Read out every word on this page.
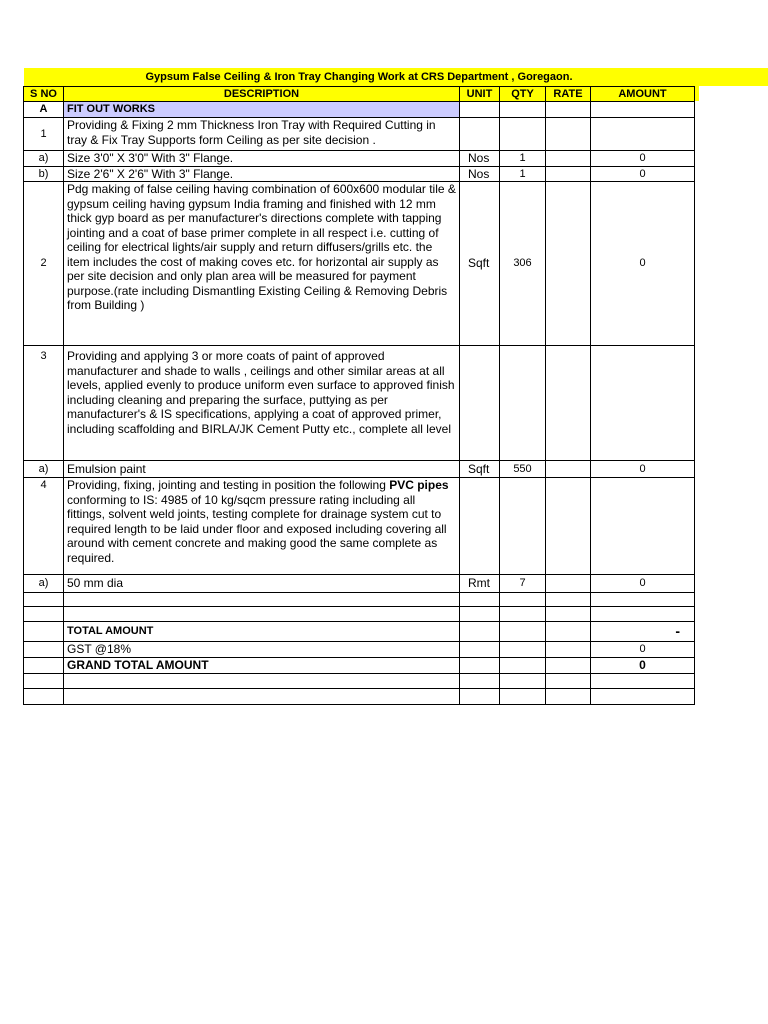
Gypsum False Ceiling & Iron Tray Changing Work at CRS Department , Goregaon.					
S NO	DESCRIPTION	UNIT	QTY	RATE	AMOUNT
A	FIT OUT WORKS				
1	Providing & Fixing 2 mm Thickness Iron Tray with Required Cutting in tray & Fix Tray Supports form Ceiling as per site decision .				
a)	Size 3'0" X 3'0" With 3" Flange.	Nos	1		0
b)	Size 2'6" X 2'6" With 3" Flange.	Nos	1		0
2	Pdg making of false ceiling having combination of 600x600 modular tile & gypsum ceiling having gypsum India framing and finished with 12 mm thick gyp board as per manufacturer's directions complete with tapping jointing and a coat of base primer complete in all respect i.e. cutting of ceiling for electrical lights/air supply and return diffusers/grills etc. the item includes the cost of making coves etc. for horizontal air supply as per site decision and only plan area will be measured for payment purpose.(rate including Dismantling Existing Ceiling & Removing Debris from Building )	Sqft	306		0
3	Providing and applying 3 or more coats of paint of approved manufacturer and shade to walls , ceilings and other similar areas at all levels, applied evenly to produce uniform even surface to approved finish including cleaning and preparing the surface, puttying as per manufacturer's & IS specifications, applying a coat of approved primer, including scaffolding and BIRLA/JK Cement Putty etc., complete all level				
a)	Emulsion paint	Sqft	550		0
4	Providing, fixing, jointing and testing in position the following PVC pipes conforming to IS: 4985 of 10 kg/sqcm pressure rating including all fittings, solvent weld joints, testing complete for drainage system cut to required length to be laid under floor and exposed including covering all around with cement concrete and making good the same complete as required.				
a)	50 mm dia	Rmt	7		0

	TOTAL AMOUNT				-
	GST @18%				0
	GRAND TOTAL AMOUNT				0
